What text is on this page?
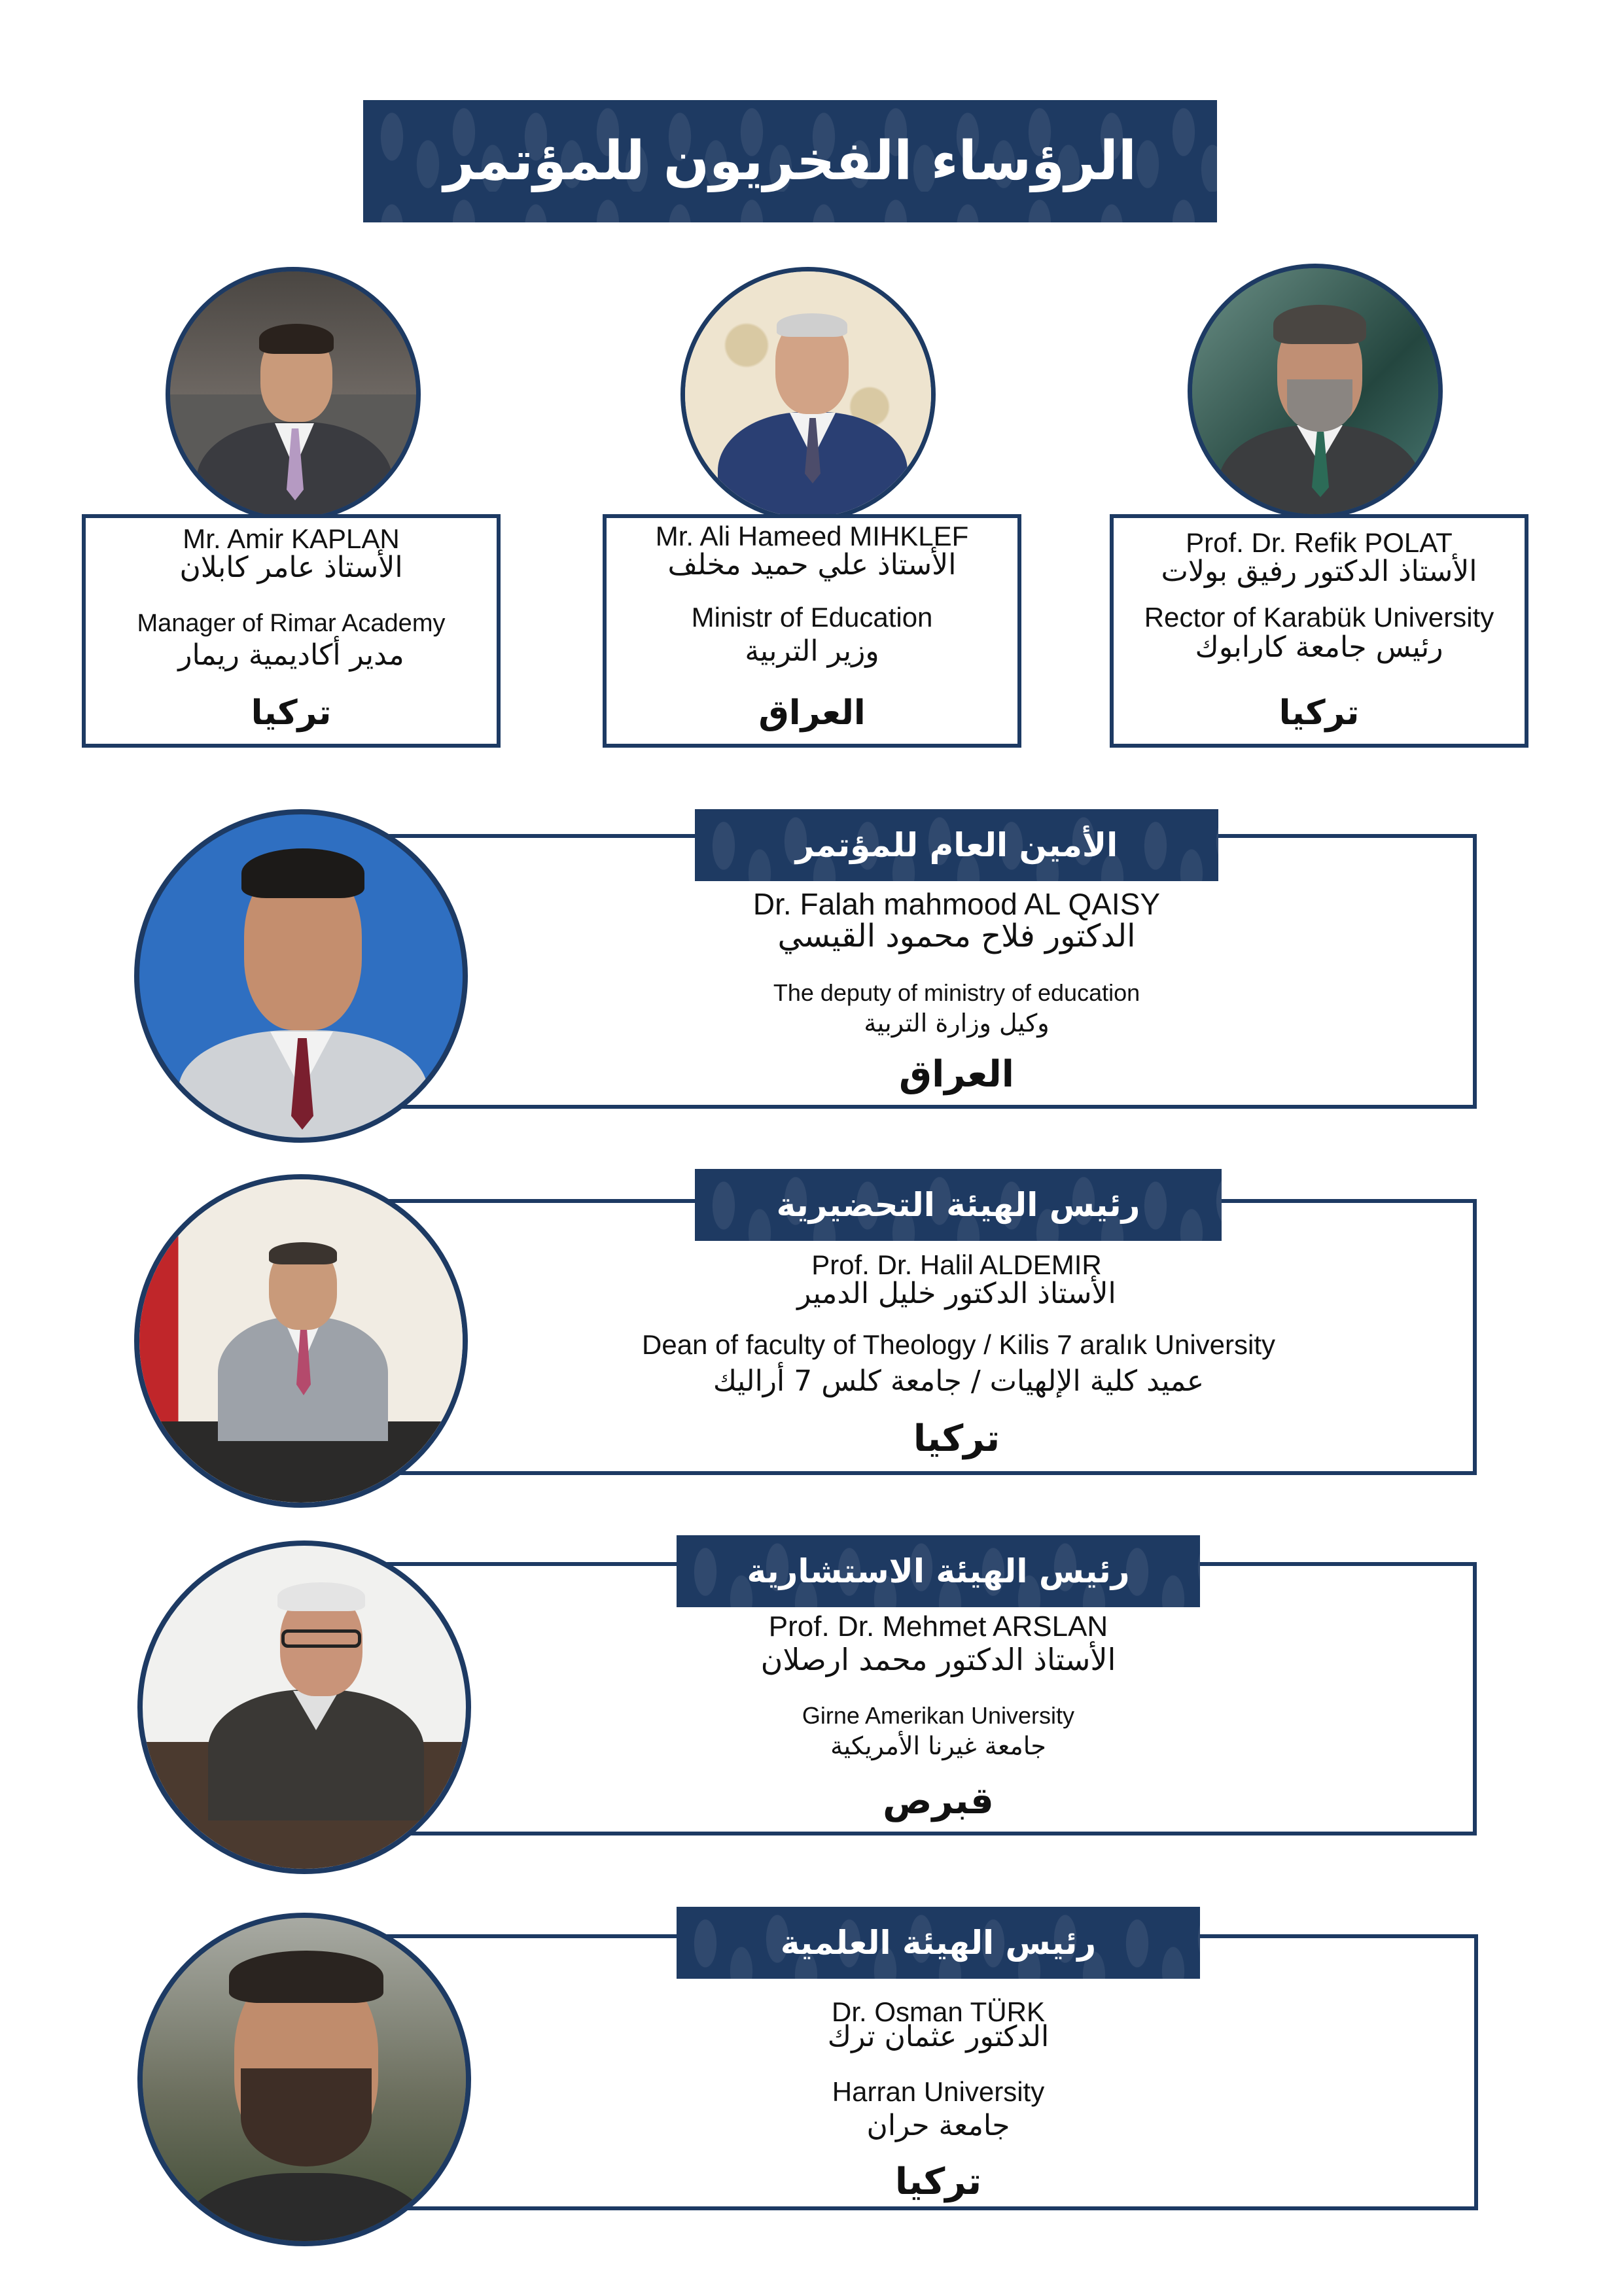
الرؤساء الفخريون للمؤتمر
Mr. Amir KAPLAN
الأستاذ عامر كابلان
Manager of Rimar Academy
مدير أكاديمية ريمار
تركيا
Mr. Ali Hameed MIHKLEF
الأستاذ علي حميد مخلف
Ministr of Education
وزير التربية
العراق
Prof. Dr. Refik POLAT
الأستاذ الدكتور رفيق بولات
Rector of Karabük University
رئيس جامعة كارابوك
تركيا
الأمين العام للمؤتمر
Dr. Falah mahmood AL QAISY
الدكتور فلاح محمود القيسي
The deputy of ministry of education
وكيل وزارة التربية
العراق
رئيس الهيئة التحضيرية
Prof. Dr. Halil ALDEMIR
الأستاذ الدكتور خليل الدمير
Dean of faculty of Theology / Kilis 7 aralık University
عميد كلية الإلهيات / جامعة كلس 7 أراليك
تركيا
رئيس الهيئة الاستشارية
Prof. Dr. Mehmet ARSLAN
الأستاذ الدكتور محمد ارصلان
Girne Amerikan University
جامعة غيرنا الأمريكية
قبرص
رئيس الهيئة العلمية
Dr. Osman TÜRK
الدكتور عثمان ترك
Harran University
جامعة حران
تركيا
